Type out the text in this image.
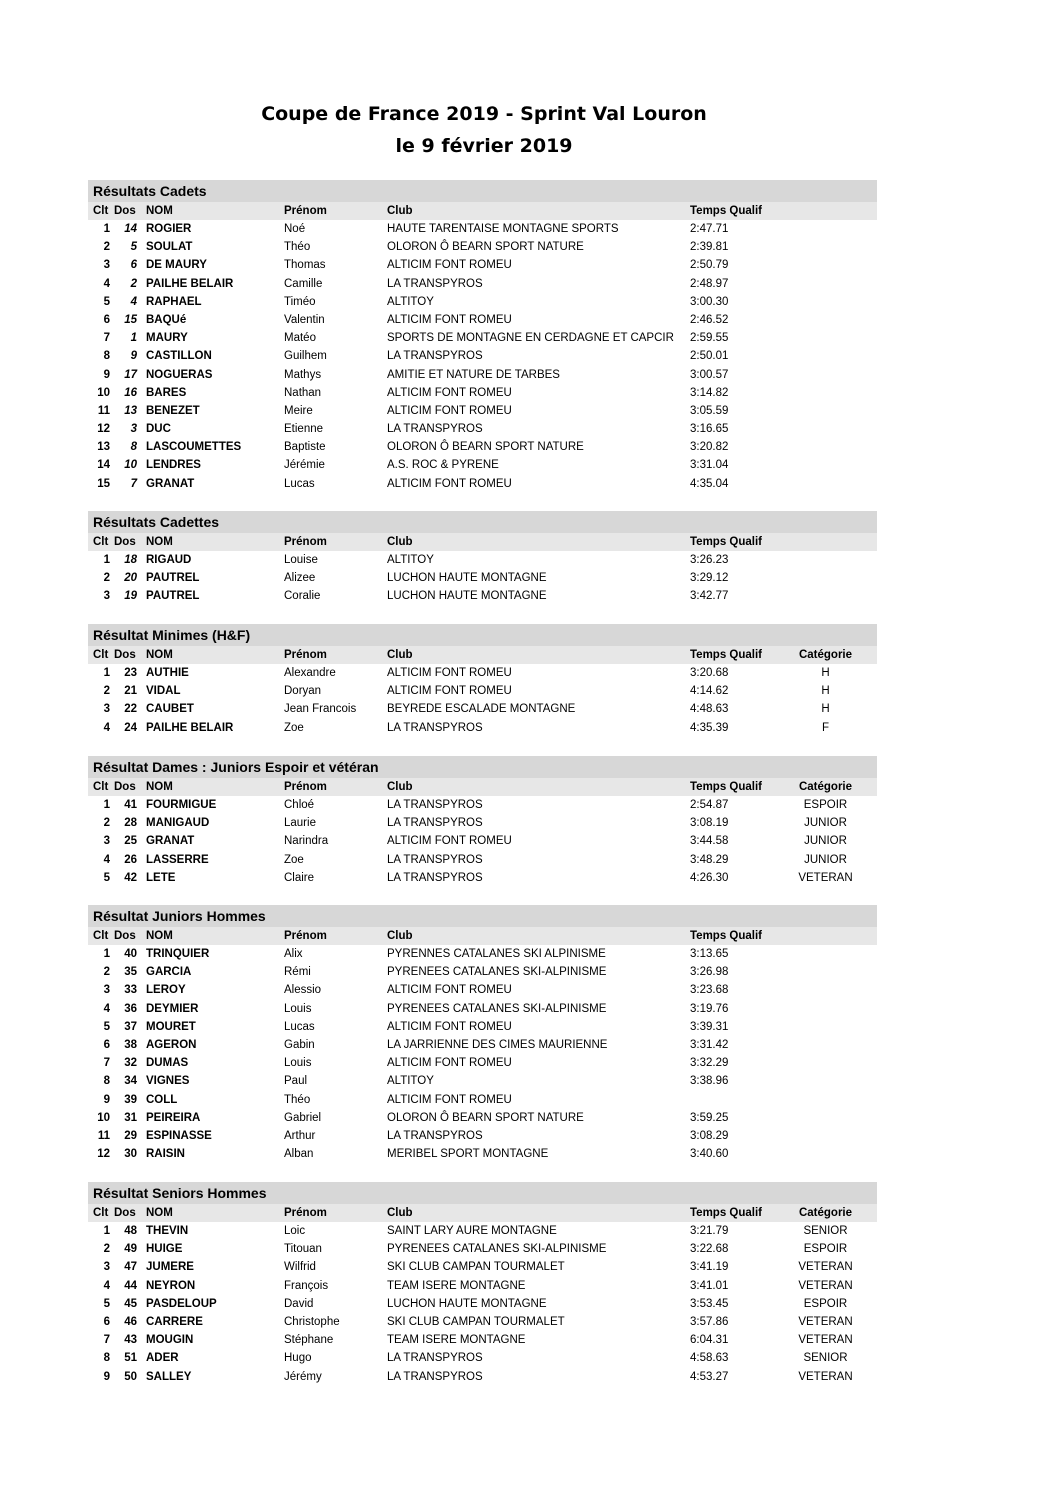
Coupe de France 2019 - Sprint Val Louron
le 9 février 2019
Résultats Cadets
Clt Dos NOM	Prénom	Club	Temps Qualif
1	14 ROGIER	Noé	HAUTE TARENTAISE MONTAGNE SPORTS	2:47.71
2	5 SOULAT	Théo	OLORON Ô BEARN SPORT NATURE	2:39.81
3	6 DE MAURY	Thomas	ALTICIM FONT ROMEU	2:50.79
4	2 PAILHE BELAIR	Camille	LA TRANSPYROS	2:48.97
5	4 RAPHAEL	Timéo	ALTITOY	3:00.30
6	15 BAQUé	Valentin	ALTICIM FONT ROMEU	2:46.52
7	1 MAURY	Matéo	SPORTS DE MONTAGNE EN CERDAGNE ET CAPCIR 2:59.55
8	9 CASTILLON	Guilhem	LA TRANSPYROS	2:50.01
9	17 NOGUERAS	Mathys	AMITIE ET NATURE DE TARBES	3:00.57
10	16 BARES	Nathan	ALTICIM FONT ROMEU	3:14.82
11	13 BENEZET	Meire	ALTICIM FONT ROMEU	3:05.59
12	3 DUC	Etienne	LA TRANSPYROS	3:16.65
13	8 LASCOUMETTES	Baptiste	OLORON Ô BEARN SPORT NATURE	3:20.82
14	10 LENDRES	Jérémie	A.S. ROC & PYRENE	3:31.04
15	7 GRANAT	Lucas	ALTICIM FONT ROMEU	4:35.04
Résultats Cadettes
Clt Dos NOM	Prénom	Club	Temps Qualif
1	18 RIGAUD	Louise	ALTITOY	3:26.23
2	20 PAUTREL	Alizee	LUCHON HAUTE MONTAGNE	3:29.12
3	19 PAUTREL	Coralie	LUCHON HAUTE MONTAGNE	3:42.77
Résultat Minimes (H&F)
Clt Dos NOM	Prénom	Club	Temps Qualif	Catégorie
1	23 AUTHIE	Alexandre	ALTICIM FONT ROMEU	3:20.68	H
2	21 VIDAL	Doryan	ALTICIM FONT ROMEU	4:14.62	H
3	22 CAUBET	Jean Francois	BEYREDE ESCALADE MONTAGNE	4:48.63	H
4	24 PAILHE BELAIR	Zoe	LA TRANSPYROS	4:35.39	F
Résultat Dames : Juniors Espoir et vétéran
Clt Dos NOM	Prénom	Club	Temps Qualif	Catégorie
1	41 FOURMIGUE	Chloé	LA TRANSPYROS	2:54.87	ESPOIR
2	28 MANIGAUD	Laurie	LA TRANSPYROS	3:08.19	JUNIOR
3	25 GRANAT	Narindra	ALTICIM FONT ROMEU	3:44.58	JUNIOR
4	26 LASSERRE	Zoe	LA TRANSPYROS	3:48.29	JUNIOR
5	42 LETE	Claire	LA TRANSPYROS	4:26.30	VETERAN
Résultat Juniors Hommes
Clt Dos NOM	Prénom	Club	Temps Qualif
1	40 TRINQUIER	Alix	PYRENNES CATALANES SKI ALPINISME	3:13.65
2	35 GARCIA	Rémi	PYRENEES CATALANES SKI-ALPINISME	3:26.98
3	33 LEROY	Alessio	ALTICIM FONT ROMEU	3:23.68
4	36 DEYMIER	Louis	PYRENEES CATALANES SKI-ALPINISME	3:19.76
5	37 MOURET	Lucas	ALTICIM FONT ROMEU	3:39.31
6	38 AGERON	Gabin	LA JARRIENNE DES CIMES MAURIENNE	3:31.42
7	32 DUMAS	Louis	ALTICIM FONT ROMEU	3:32.29
8	34 VIGNES	Paul	ALTITOY	3:38.96
9	39 COLL	Théo	ALTICIM FONT ROMEU
10	31 PEIREIRA	Gabriel	OLORON Ô BEARN SPORT NATURE	3:59.25
11	29 ESPINASSE	Arthur	LA TRANSPYROS	3:08.29
12	30 RAISIN	Alban	MERIBEL SPORT MONTAGNE	3:40.60
Résultat Seniors Hommes
Clt Dos NOM	Prénom	Club	Temps Qualif	Catégorie
1	48 THEVIN	Loic	SAINT LARY AURE MONTAGNE	3:21.79	SENIOR
2	49 HUIGE	Titouan	PYRENEES CATALANES SKI-ALPINISME	3:22.68	ESPOIR
3	47 JUMERE	Wilfrid	SKI CLUB CAMPAN TOURMALET	3:41.19	VETERAN
4	44 NEYRON	François	TEAM ISERE MONTAGNE	3:41.01	VETERAN
5	45 PASDELOUP	David	LUCHON HAUTE MONTAGNE	3:53.45	ESPOIR
6	46 CARRERE	Christophe	SKI CLUB CAMPAN TOURMALET	3:57.86	VETERAN
7	43 MOUGIN	Stéphane	TEAM ISERE MONTAGNE	6:04.31	VETERAN
8	51 ADER	Hugo	LA TRANSPYROS	4:58.63	SENIOR
9	50 SALLEY	Jérémy	LA TRANSPYROS	4:53.27	VETERAN
